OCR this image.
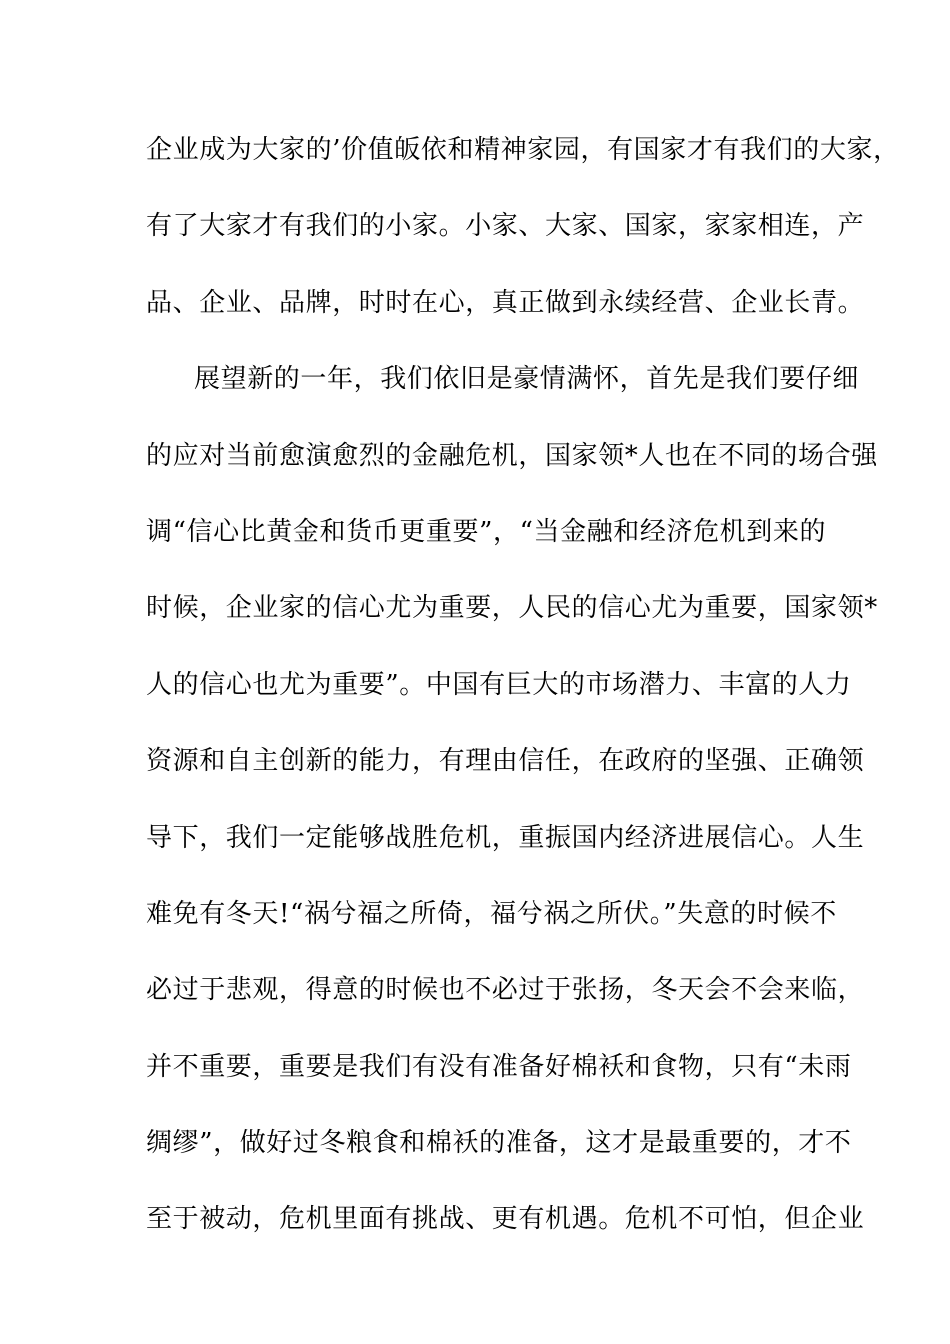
企业成为大家的’价值皈依和精神家园，有国家才有我们的大家，
有了大家才有我们的小家。小家、大家、国家，家家相连，产
品、企业、品牌，时时在心，真正做到永续经营、企业长青。
展望新的一年，我们依旧是豪情满怀，首先是我们要仔细
的应对当前愈演愈烈的金融危机，国家领*人也在不同的场合强
调“信心比黄金和货币更重要”，“当金融和经济危机到来的
时候，企业家的信心尤为重要，人民的信心尤为重要，国家领*
人的信心也尤为重要”。中国有巨大的市场潜力、丰富的人力
资源和自主创新的能力，有理由信任，在政府的坚强、正确领
导下，我们一定能够战胜危机，重振国内经济进展信心。人生
难免有冬天!“祸兮福之所倚，福兮祸之所伏。”失意的时候不
必过于悲观，得意的时候也不必过于张扬，冬天会不会来临，
并不重要，重要是我们有没有准备好棉袄和食物，只有“未雨
绸缪”，做好过冬粮食和棉袄的准备，这才是最重要的，才不
至于被动，危机里面有挑战、更有机遇。危机不可怕，但企业
